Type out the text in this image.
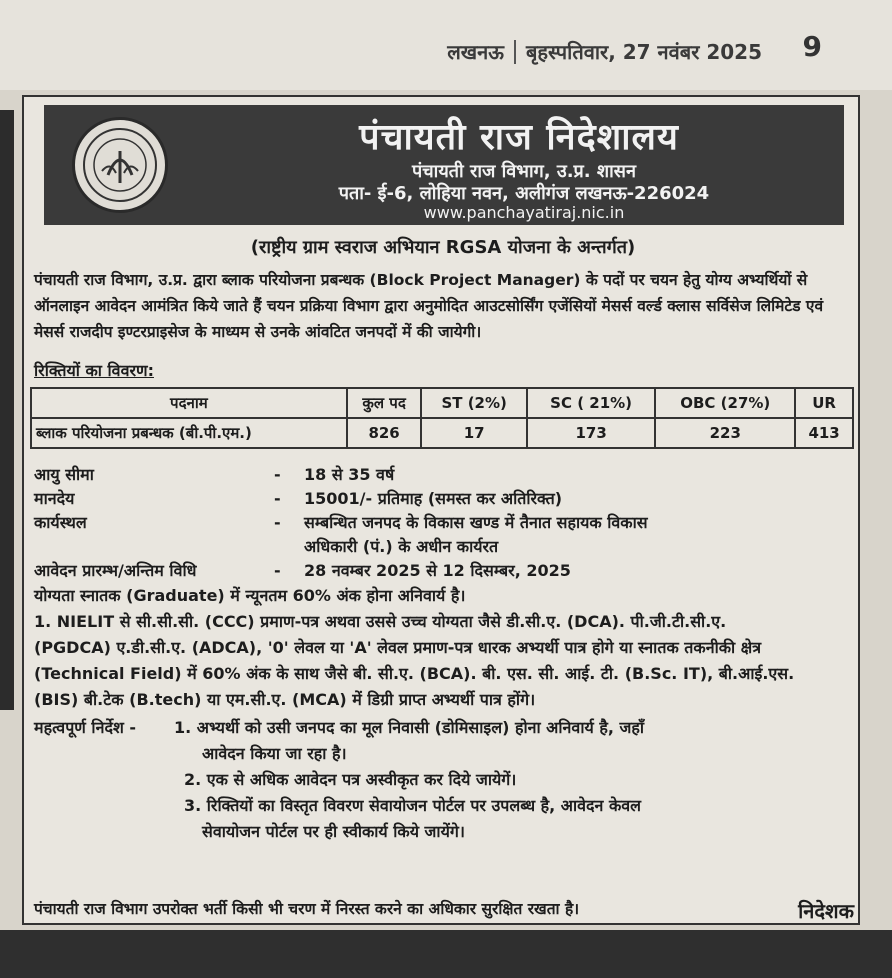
लखनऊ बृहस्पतिवार, 27 नवंबर 2025 9
पंचायती राज निदेशालय
पंचायती राज विभाग, उ.प्र. शासन
पता- ई-6, लोहिया नवन, अलीगंज लखनऊ-226024
www.panchayatiraj.nic.in
(राष्ट्रीय ग्राम स्वराज अभियान RGSA योजना के अन्तर्गत)
पंचायती राज विभाग, उ.प्र. द्वारा ब्लाक परियोजना प्रबन्धक (Block Project Manager) के पदों पर चयन हेतु योग्य अभ्यर्थियों से ऑनलाइन आवेदन आमंत्रित किये जाते हैं चयन प्रक्रिया विभाग द्वारा अनुमोदित आउटसोर्सिंग एजेंसियों मेसर्स वर्ल्ड क्लास सर्विसेज लिमिटेड एवं मेसर्स राजदीप इण्टरप्राइसेज के माध्यम से उनके आंवटित जनपदों में की जायेगी।
रिक्तियों का विवरण:
पदनाम	कुल पद	ST (2%)	SC ( 21%)	OBC (27%)	UR
ब्लाक परियोजना प्रबन्धक (बी.पी.एम.)	826	17	173	223	413
आयु सीमा	-	18 से 35 वर्ष
मानदेय	-	15001/- प्रतिमाह (समस्त कर अतिरिक्त)
कार्यस्थल	-	सम्बन्धित जनपद के विकास खण्ड में तैनात सहायक विकास
अधिकारी (पं.) के अधीन कार्यरत
आवेदन प्रारम्भ/अन्तिम विधि	-	28 नवम्बर 2025 से 12 दिसम्बर, 2025

योग्यता स्नातक (Graduate) में न्यूनतम 60% अंक होना अनिवार्य है।

1. NIELIT से सी.सी.सी. (CCC) प्रमाण-पत्र अथवा उससे उच्च योग्यता जैसे डी.सी.ए. (DCA). पी.जी.टी.सी.ए.

(PGDCA) ए.डी.सी.ए. (ADCA), '0' लेवल या 'A' लेवल प्रमाण-पत्र धारक अभ्यर्थी पात्र होगे या स्नातक तकनीकी क्षेत्र

(Technical Field) में 60% अंक के साथ जैसे बी. सी.ए. (BCA). बी. एस. सी. आई. टी. (B.Sc. IT), बी.आई.एस.

(BIS) बी.टेक (B.tech) या एम.सी.ए. (MCA) में डिग्री प्राप्त अभ्यर्थी पात्र होंगे।

महत्वपूर्ण निर्देश -	1. अभ्यर्थी को उसी जनपद का मूल निवासी (डोमिसाइल) होना अनिवार्य है, जहाँ

आवेदन किया जा रहा है।

2. एक से अधिक आवेदन पत्र अस्वीकृत कर दिये जायेगें।

3. रिक्तियों का विस्तृत विवरण सेवायोजन पोर्टल पर उपलब्ध है, आवेदन केवल

सेवायोजन पोर्टल पर ही स्वीकार्य किये जायेंगे।

पंचायती राज विभाग उपरोक्त भर्ती किसी भी चरण में निरस्त करने का अधिकार सुरक्षित रखता है।	निदेशक
